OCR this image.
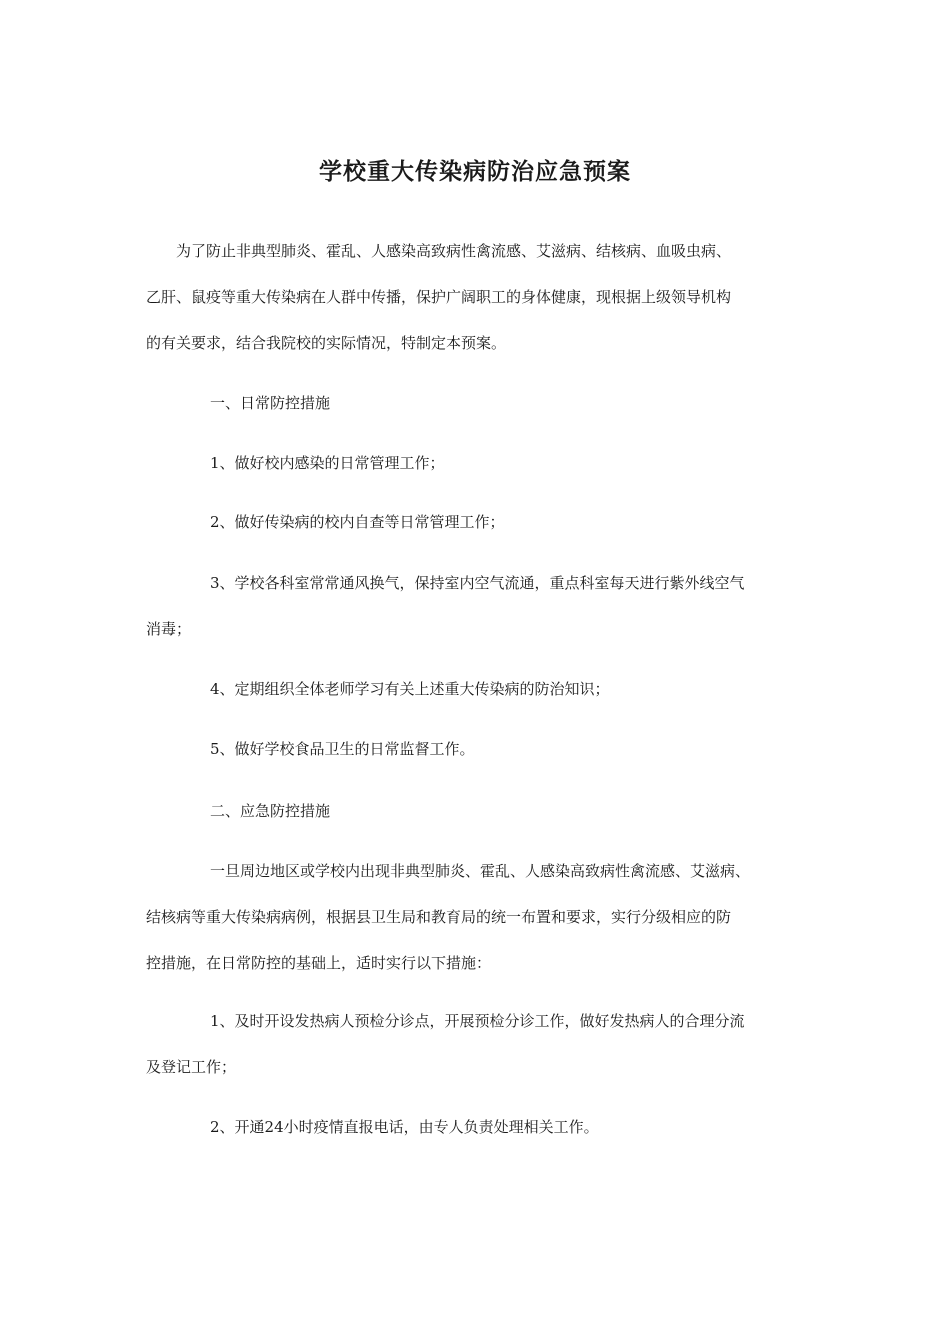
学校重大传染病防治应急预案
为了防止非典型肺炎、霍乱、人感染高致病性禽流感、艾滋病、结核病、血吸虫病、
乙肝、鼠疫等重大传染病在人群中传播，保护广阔职工的身体健康，现根据上级领导机构
的有关要求，结合我院校的实际情况，特制定本预案。
一、日常防控措施
1、做好校内感染的日常管理工作；
2、做好传染病的校内自查等日常管理工作；
3、学校各科室常常通风换气，保持室内空气流通，重点科室每天进行紫外线空气
消毒；
4、定期组织全体老师学习有关上述重大传染病的防治知识；
5、做好学校食品卫生的日常监督工作。
二、应急防控措施
一旦周边地区或学校内出现非典型肺炎、霍乱、人感染高致病性禽流感、艾滋病、
结核病等重大传染病病例，根据县卫生局和教育局的统一布置和要求，实行分级相应的防
控措施，在日常防控的基础上，适时实行以下措施：
1、及时开设发热病人预检分诊点，开展预检分诊工作，做好发热病人的合理分流
及登记工作；
2、开通24小时疫情直报电话，由专人负责处理相关工作。
